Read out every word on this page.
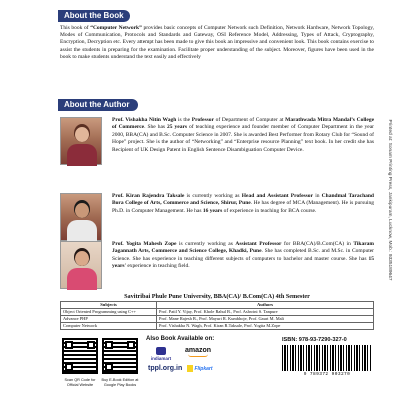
About the Book

This book of “Computer Network” provides basic concepts of Computer Network such Definition, Network Hardware, Network Topology, Modes of Communication, Protocols and Standards and Gateway, OSI Reference Model, Addressing, Types of Attack, Cryptography, Encryption, Decryption etc. Every attempt has been made to give this book an impressive and convenient look. This book contains exercise to assist the students in preparing for the examination. Facilitate proper understanding of the subject. Moreover, figures have been used in the book to make students understand the text easily and effectively

About the Author

Prof. Vishakha Nitin Wagh is the Professor of Department of Computer at Marathwada Mitra Mandal’s College of Commerce. She has 25 years of teaching experience and founder member of Computer Department in the year 2000, BBA(CA) and B.Sc. Computer Science in 2007. She is awarded Best Performer from Rotary Club for “Sound of Hope” project. She is the author of “Networking” and “Enterprise resource Planning” text book. In her credit she has Recipient of UK Design Patent in English Sentence Disambiguation Computer Device.

Prof. Kiran Rajendra Taksale is currently working as Head and Assistant Professor in Chandmal Tarachand Bora College of Arts, Commerce and Science, Shirur, Pune. He has degree of MCA (Management). He is pursuing Ph.D. in Computer Management. He has 16 years of experience in teaching for BCA course.

Prof. Yogita Mahesh Zope is currently working as Assistant Professor for BBA(CA)/B.Com(CA) in Tikaram Jagannath Arts, Commerce and Science College, Khadki, Pune. She has completed B.Sc. and M.Sc. in Computer Science. She has experience in teaching different subjects of computers to bachelor and master course. She has 15 years’ experience in teaching field.

Savitribai Phule Pune University, BBA(CA)/ B.Com(CA) 4th Semester
Subjects	Authors
Object Oriented Programming using C++	Prof. Patil Y. Vijay, Prof. Khole Rahul B., Prof. Ashwini S. Tanpure
Advance PHP	Prof. Mane Rajesh B., Prof. Mayuri R. Kumbhoje, Prof. Gauri M. Mali
Computer Network	Prof. Vishakha N. Wagh, Prof. Kiran R.Taksale, Prof. Yogita M.Zope
Scan QR Code for Official Website
Buy E-Book Edition at Google Play Books
Also Book Available on:
indiamart
amazon
tppl.org.in	Flipkart
ISBN: 978-93-7290-327-0
9 789372 903270
Printed at: Sonam Printing Press, Jankipuram, Lucknow, Mob.: 9335189647
